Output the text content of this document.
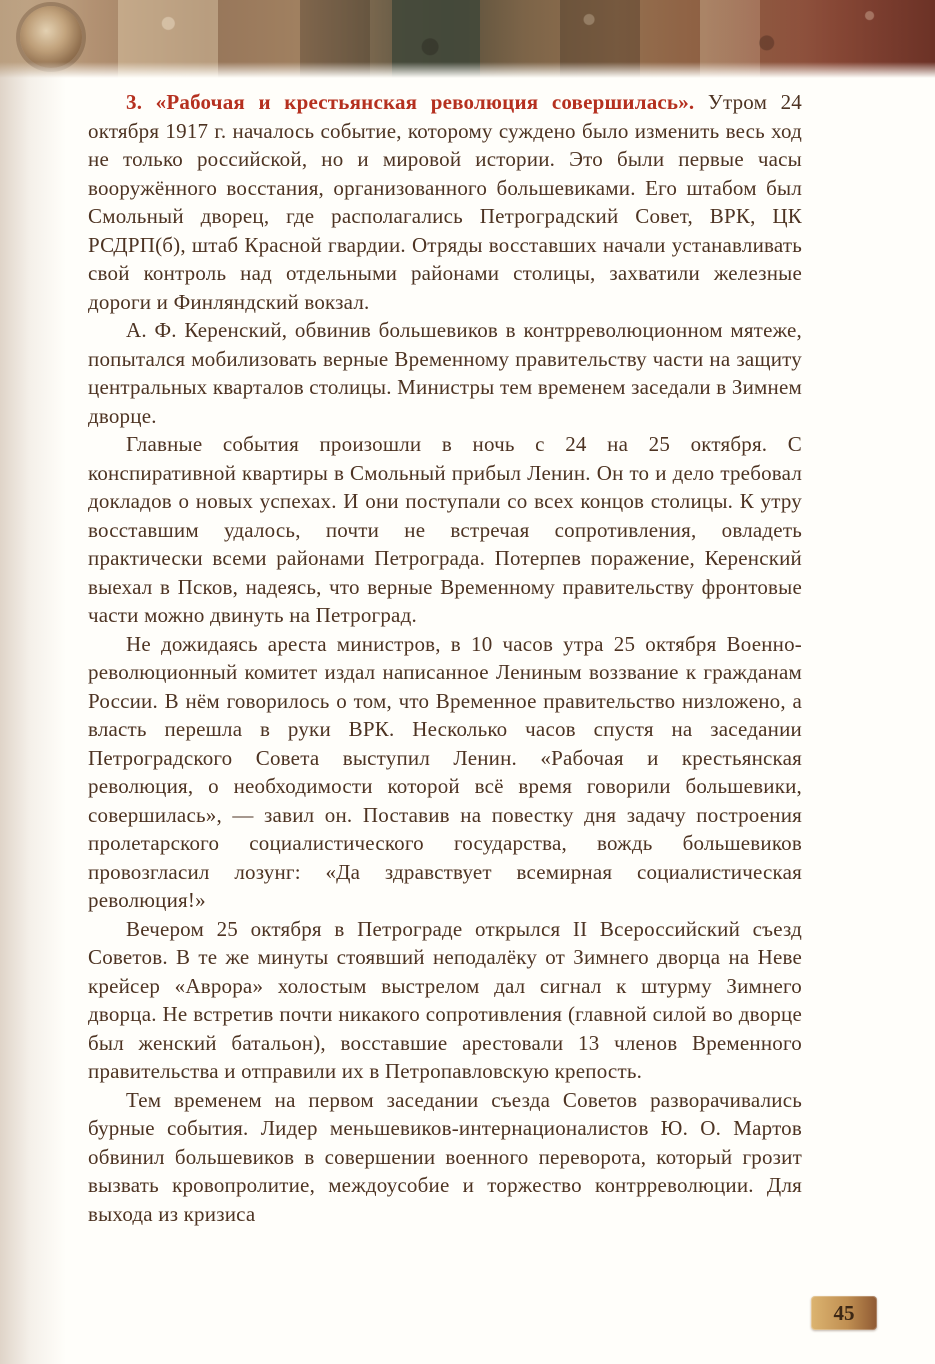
3. «Рабочая и крестьянская революция совершилась». Утром 24 октября 1917 г. началось событие, которому суждено было изменить весь ход не только российской, но и мировой истории. Это были первые часы вооружённого восстания, организованного большевиками. Его штабом был Смольный дворец, где располагались Петроградский Совет, ВРК, ЦК РСДРП(б), штаб Красной гвардии. Отряды восставших начали устанавливать свой контроль над отдельными районами столицы, захватили железные дороги и Финляндский вокзал.

А. Ф. Керенский, обвинив большевиков в контрреволюционном мятеже, попытался мобилизовать верные Временному правительству части на защиту центральных кварталов столицы. Министры тем временем заседали в Зимнем дворце.

Главные события произошли в ночь с 24 на 25 октября. С конспиративной квартиры в Смольный прибыл Ленин. Он то и дело требовал докладов о новых успехах. И они поступали со всех концов столицы. К утру восставшим удалось, почти не встречая сопротивления, овладеть практически всеми районами Петрограда. Потерпев поражение, Керенский выехал в Псков, надеясь, что верные Временному правительству фронтовые части можно двинуть на Петроград.

Не дожидаясь ареста министров, в 10 часов утра 25 октября Военно-революционный комитет издал написанное Лениным воззвание к гражданам России. В нём говорилось о том, что Временное правительство низложено, а власть перешла в руки ВРК. Несколько часов спустя на заседании Петроградского Совета выступил Ленин. «Рабочая и крестьянская революция, о необходимости которой всё время говорили большевики, совершилась», — завил он. Поставив на повестку дня задачу построения пролетарского социалистического государства, вождь большевиков провозгласил лозунг: «Да здравствует всемирная социалистическая революция!»

Вечером 25 октября в Петрограде открылся II Всероссийский съезд Советов. В те же минуты стоявший неподалёку от Зимнего дворца на Неве крейсер «Аврора» холостым выстрелом дал сигнал к штурму Зимнего дворца. Не встретив почти никакого сопротивления (главной силой во дворце был женский батальон), восставшие арестовали 13 членов Временного правительства и отправили их в Петропавловскую крепость.

Тем временем на первом заседании съезда Советов разворачивались бурные события. Лидер меньшевиков-интернационалистов Ю. О. Мартов обвинил большевиков в совершении военного переворота, который грозит вызвать кровопролитие, междоусобие и торжество контрреволюции. Для выхода из кризиса

45
